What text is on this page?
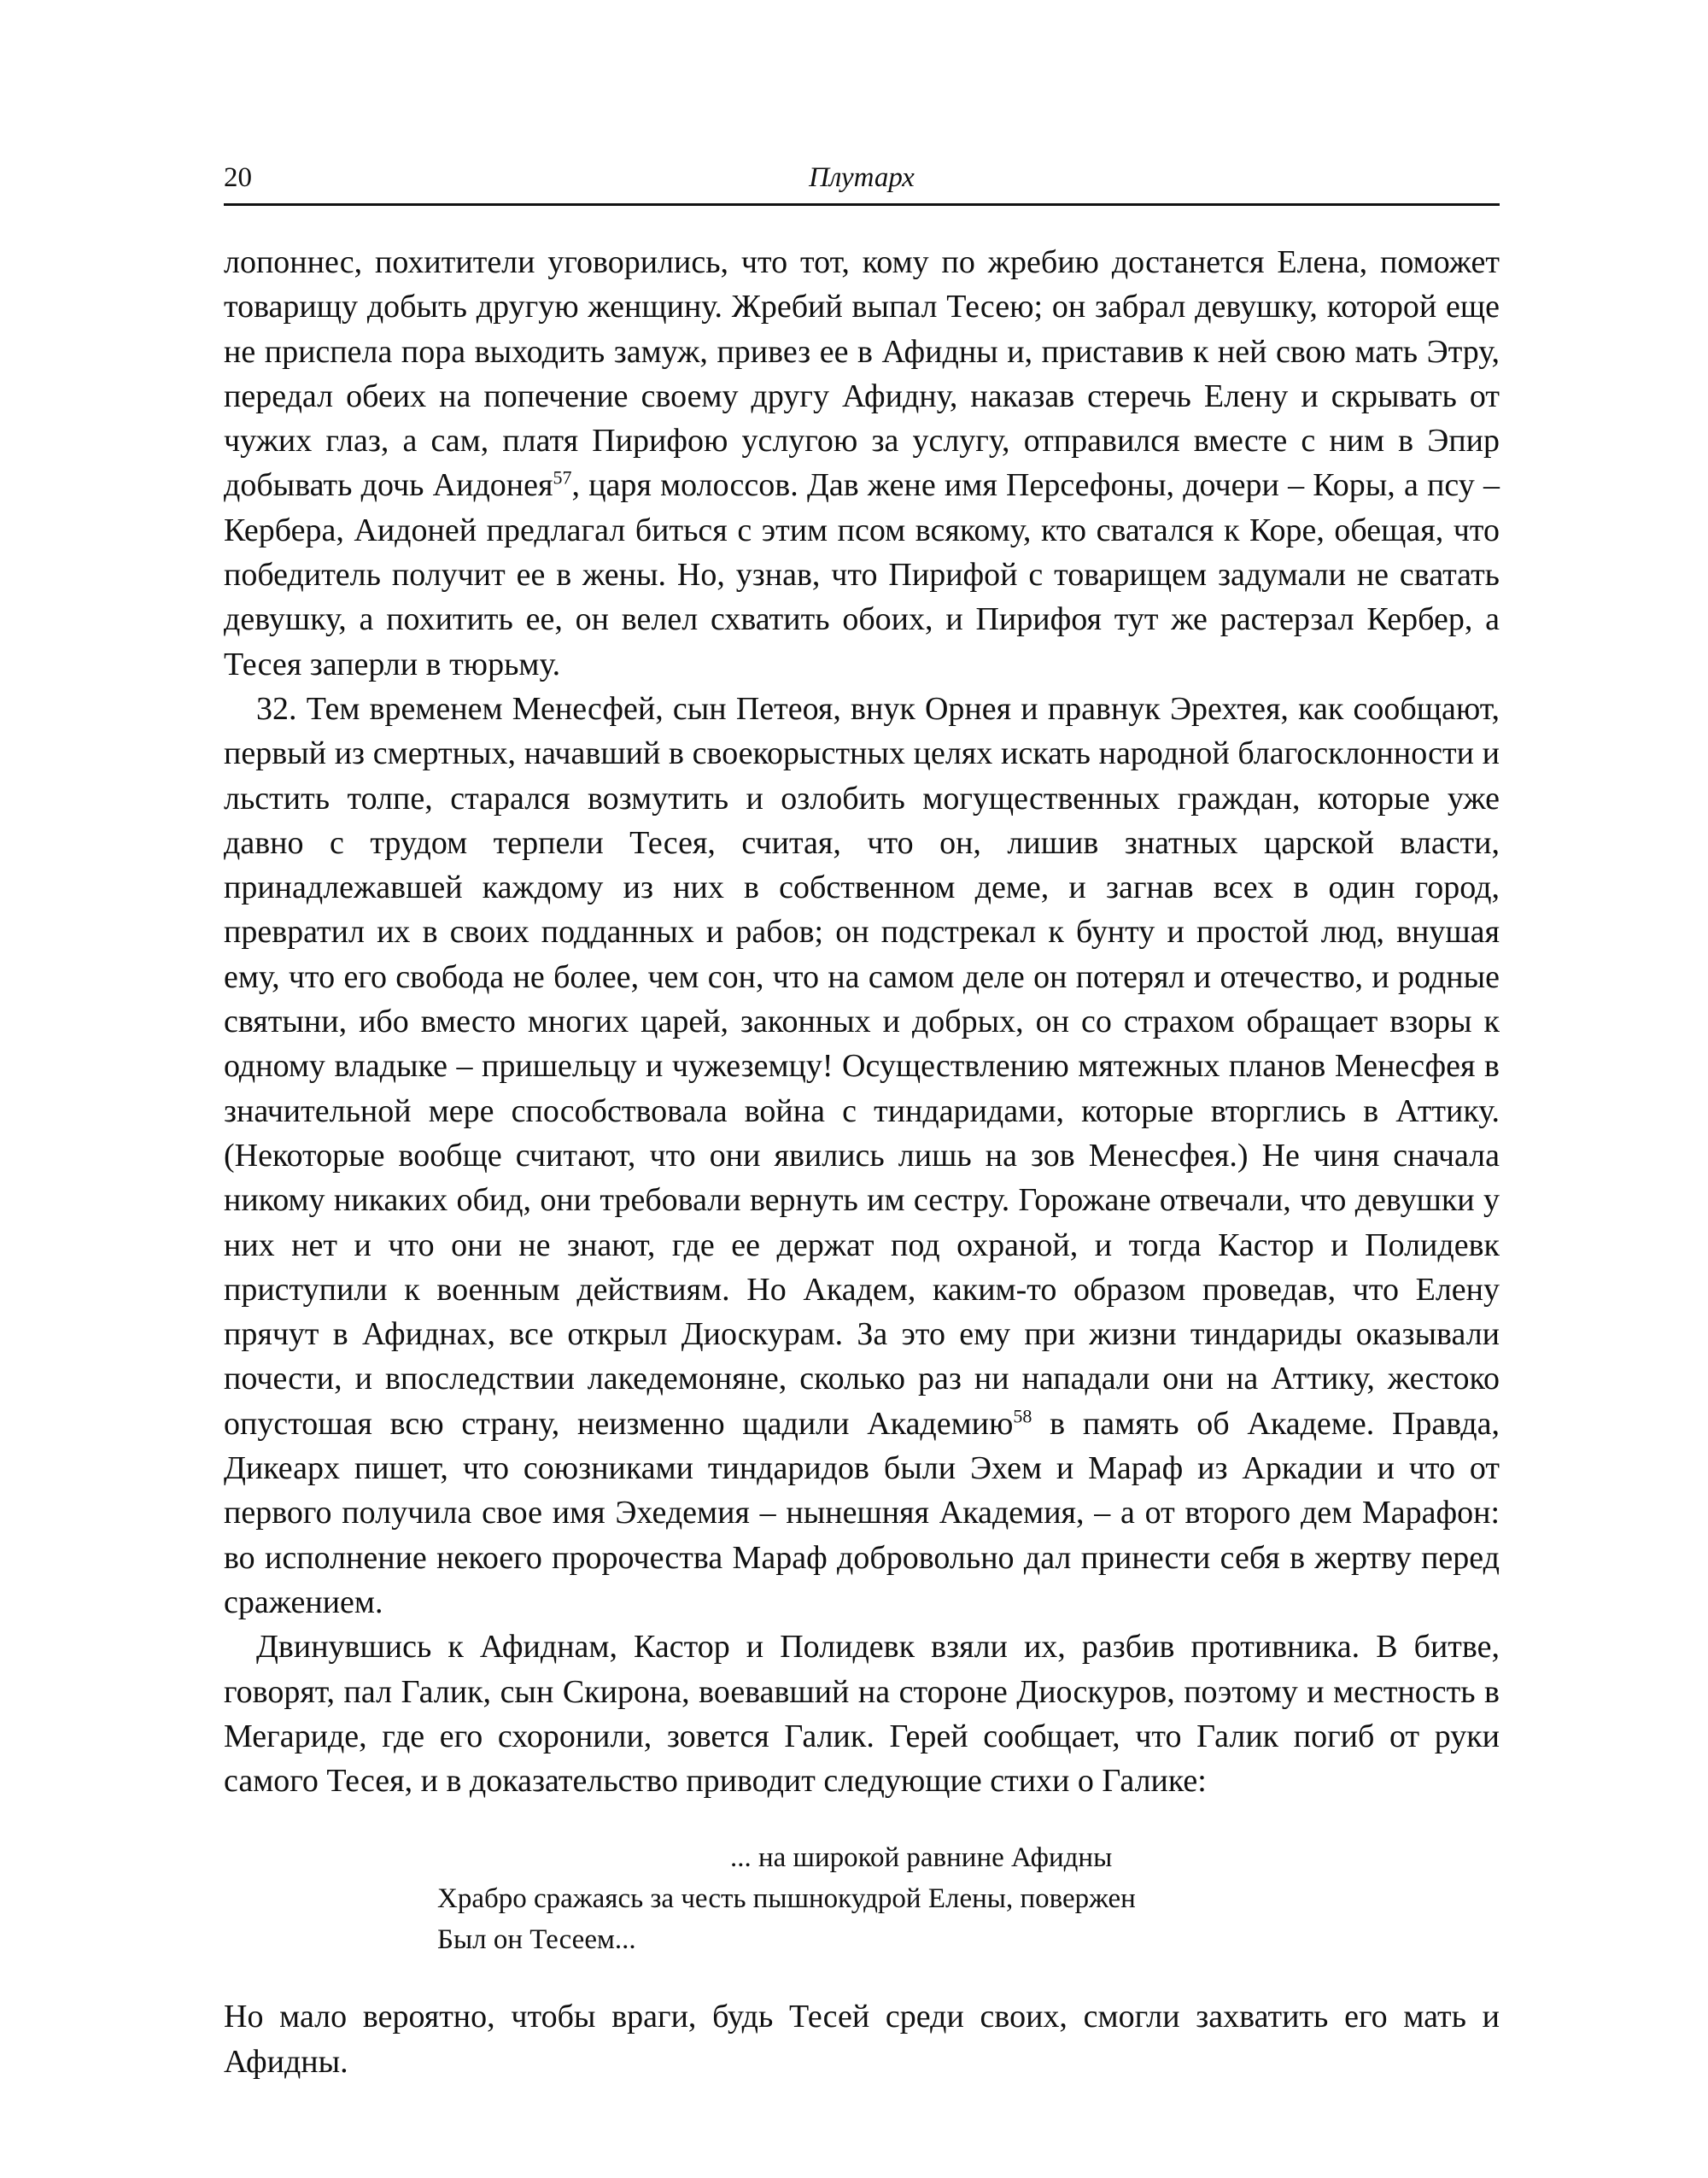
20	Плутарх

лопоннес, похитители уговорились, что тот, кому по жребию достанется Елена, поможет товарищу добыть другую женщину. Жребий выпал Тесею; он забрал девушку, которой еще не приспела пора выходить замуж, привез ее в Афидны и, приставив к ней свою мать Этру, передал обеих на попечение своему другу Афидну, наказав стеречь Елену и скрывать от чужих глаз, а сам, платя Пирифою услугою за услугу, отправился вместе с ним в Эпир добывать дочь Аидонея$^{57}$, царя молоссов. Дав жене имя Персефоны, дочери – Коры, а псу – Кербера, Аидоней предлагал биться с этим псом всякому, кто сватался к Коре, обещая, что победитель получит ее в жены. Но, узнав, что Пирифой с товарищем задумали не сватать девушку, а похитить ее, он велел схватить обоих, и Пирифоя тут же растерзал Кербер, а Тесея заперли в тюрьму.

32. Тем временем Менесфей, сын Петеоя, внук Орнея и правнук Эрехтея, как сообщают, первый из смертных, начавший в своекорыстных целях искать народной благосклонности и льстить толпе, старался возмутить и озлобить могущественных граждан, которые уже давно с трудом терпели Тесея, считая, что он, лишив знатных царской власти, принадлежавшей каждому из них в собственном деме, и загнав всех в один город, превратил их в своих подданных и рабов; он подстрекал к бунту и простой люд, внушая ему, что его свобода не более, чем сон, что на самом деле он потерял и отечество, и родные святыни, ибо вместо многих царей, законных и добрых, он со страхом обращает взоры к одному владыке – пришельцу и чужеземцу! Осуществлению мятежных планов Менесфея в значительной мере способствовала война с тиндаридами, которые вторглись в Аттику. (Некоторые вообще считают, что они явились лишь на зов Менесфея.) Не чиня сначала никому никаких обид, они требовали вернуть им сестру. Горожане отвечали, что девушки у них нет и что они не знают, где ее держат под охраной, и тогда Кастор и Полидевк приступили к военным действиям. Но Академ, каким-то образом проведав, что Елену прячут в Афиднах, все открыл Диоскурам. За это ему при жизни тиндариды оказывали почести, и впоследствии лакедемоняне, сколько раз ни нападали они на Аттику, жестоко опустошая всю страну, неизменно щадили Академию$^{58}$ в память об Академе. Правда, Дикеарх пишет, что союзниками тиндаридов были Эхем и Мараф из Аркадии и что от первого получила свое имя Эхедемия – нынешняя Академия, – а от второго дем Марафон: во исполнение некоего пророчества Мараф добровольно дал принести себя в жертву перед сражением.

Двинувшись к Афиднам, Кастор и Полидевк взяли их, разбив противника. В битве, говорят, пал Галик, сын Скирона, воевавший на стороне Диоскуров, поэтому и местность в Мегариде, где его схоронили, зовется Галик. Герей сообщает, что Галик погиб от руки самого Тесея, и в доказательство приводит следующие стихи о Галике:

... на широкой равнине Афидны
Храбро сражаясь за честь пышнокудрой Елены, повержен
Был он Тесеем...

Но мало вероятно, чтобы враги, будь Тесей среди своих, смогли захватить его мать и Афидны.
